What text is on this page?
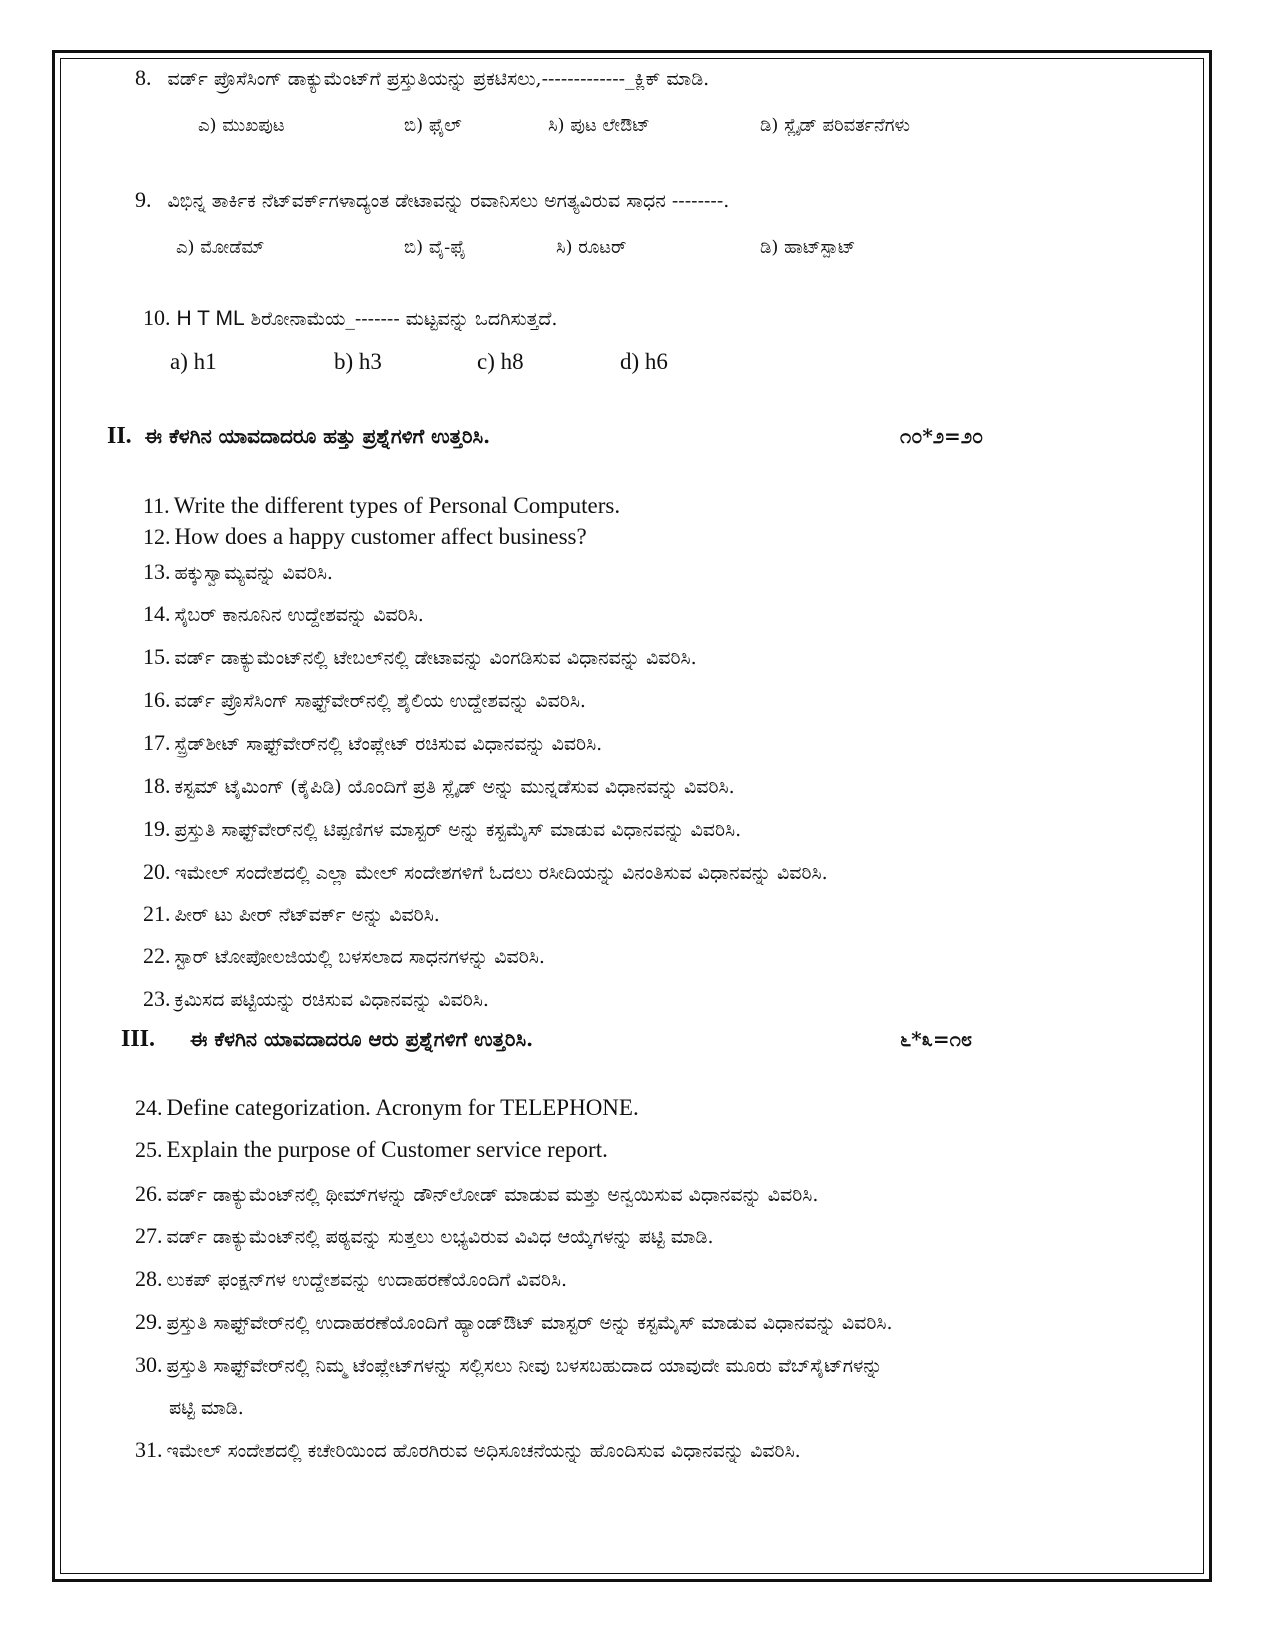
8. ವರ್ಡ್ ಪ್ರೊಸೆಸಿಂಗ್ ಡಾಕ್ಯುಮೆಂಟ್‌ಗೆ ಪ್ರಸ್ತುತಿಯನ್ನು ಪ್ರಕಟಿಸಲು,-------------_ಕ್ಲಿಕ್ ಮಾಡಿ.
ಎ) ಮುಖಪುಟ	ಬಿ) ಫೈಲ್	ಸಿ) ಪುಟ ಲೇಔಟ್	ಡಿ) ಸ್ಲೈಡ್ ಪರಿವರ್ತನೆಗಳು
9. ವಿಭಿನ್ನ ತಾರ್ಕಿಕ ನೆಟ್‌ವರ್ಕ್‌ಗಳಾದ್ಯಂತ ಡೇಟಾವನ್ನು ರವಾನಿಸಲು ಅಗತ್ಯವಿರುವ ಸಾಧನ --------.
ಎ) ಮೋಡೆಮ್	ಬಿ) ವೈ-ಫೈ	ಸಿ) ರೂಟರ್	ಡಿ) ಹಾಟ್‌ಸ್ಪಾಟ್
10. H T ML ಶಿರೋನಾಮೆಯ_------- ಮಟ್ಟವನ್ನು ಒದಗಿಸುತ್ತದೆ.
a) h1	b) h3	c) h8	d) h6
II. ಈ ಕೆಳಗಿನ ಯಾವದಾದರೂ ಹತ್ತು ಪ್ರಶ್ನೆಗಳಿಗೆ ಉತ್ತರಿಸಿ.	೧೦*೨=೨೦
11. Write the different types of Personal Computers.
12. How does a happy customer affect business?
13. ಹಕ್ಕುಸ್ವಾಮ್ಯವನ್ನು ವಿವರಿಸಿ.
14. ಸೈಬರ್ ಕಾನೂನಿನ ಉದ್ದೇಶವನ್ನು ವಿವರಿಸಿ.
15. ವರ್ಡ್ ಡಾಕ್ಯುಮೆಂಟ್‌ನಲ್ಲಿ ಟೇಬಲ್‌ನಲ್ಲಿ ಡೇಟಾವನ್ನು ವಿಂಗಡಿಸುವ ವಿಧಾನವನ್ನು ವಿವರಿಸಿ.
16. ವರ್ಡ್ ಪ್ರೊಸೆಸಿಂಗ್ ಸಾಫ್ಟ್‌ವೇರ್‌ನಲ್ಲಿ ಶೈಲಿಯ ಉದ್ದೇಶವನ್ನು ವಿವರಿಸಿ.
17. ಸ್ಪ್ರೆಡ್‌ಶೀಟ್ ಸಾಫ್ಟ್‌ವೇರ್‌ನಲ್ಲಿ ಟೆಂಪ್ಲೇಟ್ ರಚಿಸುವ ವಿಧಾನವನ್ನು ವಿವರಿಸಿ.
18. ಕಸ್ಟಮ್ ಟೈಮಿಂಗ್ (ಕೈಪಿಡಿ) ಯೊಂದಿಗೆ ಪ್ರತಿ ಸ್ಲೈಡ್ ಅನ್ನು ಮುನ್ನಡೆಸುವ ವಿಧಾನವನ್ನು ವಿವರಿಸಿ.
19. ಪ್ರಸ್ತುತಿ ಸಾಫ್ಟ್‌ವೇರ್‌ನಲ್ಲಿ ಟಿಪ್ಪಣಿಗಳ ಮಾಸ್ಟರ್ ಅನ್ನು ಕಸ್ಟಮೈಸ್ ಮಾಡುವ ವಿಧಾನವನ್ನು ವಿವರಿಸಿ.
20. ಇಮೇಲ್ ಸಂದೇಶದಲ್ಲಿ ಎಲ್ಲಾ ಮೇಲ್ ಸಂದೇಶಗಳಿಗೆ ಓದಲು ರಸೀದಿಯನ್ನು ವಿನಂತಿಸುವ ವಿಧಾನವನ್ನು ವಿವರಿಸಿ.
21. ಪೀರ್ ಟು ಪೀರ್ ನೆಟ್‌ವರ್ಕ್ ಅನ್ನು ವಿವರಿಸಿ.
22. ಸ್ಟಾರ್ ಟೋಪೋಲಜಿಯಲ್ಲಿ ಬಳಸಲಾದ ಸಾಧನಗಳನ್ನು ವಿವರಿಸಿ.
23. ಕ್ರಮಿಸದ ಪಟ್ಟಿಯನ್ನು ರಚಿಸುವ ವಿಧಾನವನ್ನು ವಿವರಿಸಿ.
III. ಈ ಕೆಳಗಿನ ಯಾವದಾದರೂ ಆರು ಪ್ರಶ್ನೆಗಳಿಗೆ ಉತ್ತರಿಸಿ.	೬*೩=೧೮
24. Define categorization. Acronym for TELEPHONE.
25. Explain the purpose of Customer service report.
26. ವರ್ಡ್ ಡಾಕ್ಯುಮೆಂಟ್‌ನಲ್ಲಿ ಥೀಮ್‌ಗಳನ್ನು ಡೌನ್‌ಲೋಡ್ ಮಾಡುವ ಮತ್ತು ಅನ್ವಯಿಸುವ ವಿಧಾನವನ್ನು ವಿವರಿಸಿ.
27. ವರ್ಡ್ ಡಾಕ್ಯುಮೆಂಟ್‌ನಲ್ಲಿ ಪಠ್ಯವನ್ನು ಸುತ್ತಲು ಲಭ್ಯವಿರುವ ವಿವಿಧ ಆಯ್ಕೆಗಳನ್ನು ಪಟ್ಟಿ ಮಾಡಿ.
28. ಲುಕಪ್ ಫಂಕ್ಷನ್‌ಗಳ ಉದ್ದೇಶವನ್ನು ಉದಾಹರಣೆಯೊಂದಿಗೆ ವಿವರಿಸಿ.
29. ಪ್ರಸ್ತುತಿ ಸಾಫ್ಟ್‌ವೇರ್‌ನಲ್ಲಿ ಉದಾಹರಣೆಯೊಂದಿಗೆ ಹ್ಯಾಂಡ್‌ಔಟ್ ಮಾಸ್ಟರ್ ಅನ್ನು ಕಸ್ಟಮೈಸ್ ಮಾಡುವ ವಿಧಾನವನ್ನು ವಿವರಿಸಿ.
30. ಪ್ರಸ್ತುತಿ ಸಾಫ್ಟ್‌ವೇರ್‌ನಲ್ಲಿ ನಿಮ್ಮ ಟೆಂಪ್ಲೇಟ್‌ಗಳನ್ನು ಸಲ್ಲಿಸಲು ನೀವು ಬಳಸಬಹುದಾದ ಯಾವುದೇ ಮೂರು ವೆಬ್‌ಸೈಟ್‌ಗಳನ್ನು
ಪಟ್ಟಿ ಮಾಡಿ.
31. ಇಮೇಲ್ ಸಂದೇಶದಲ್ಲಿ ಕಚೇರಿಯಿಂದ ಹೊರಗಿರುವ ಅಧಿಸೂಚನೆಯನ್ನು ಹೊಂದಿಸುವ ವಿಧಾನವನ್ನು ವಿವರಿಸಿ.
